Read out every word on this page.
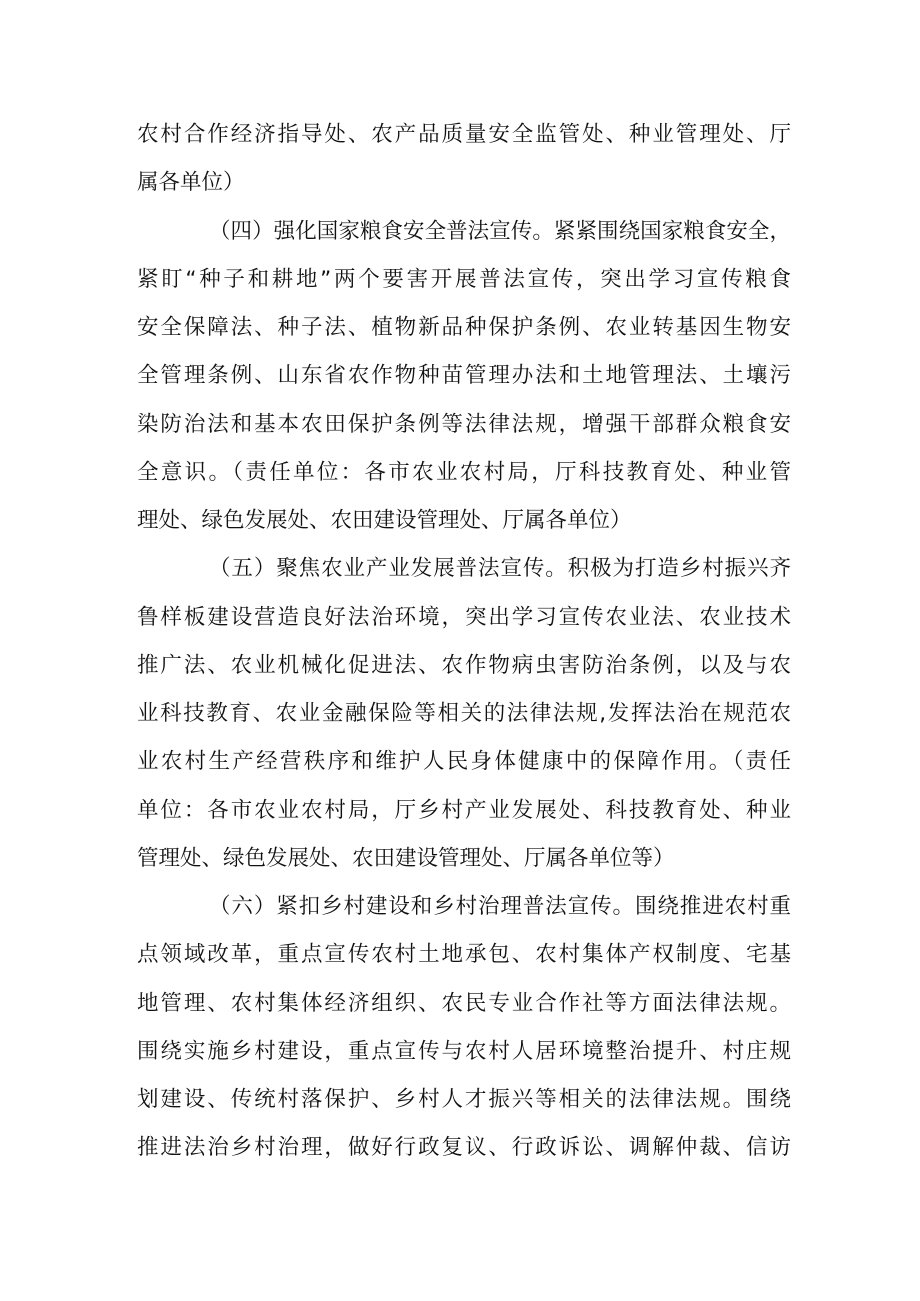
农村合作经济指导处、农产品质量安全监管处、种业管理处、厅
属各单位）
（四）强化国家粮食安全普法宣传。紧紧围绕国家粮食安全，
紧盯“种子和耕地”两个要害开展普法宣传，突出学习宣传粮食
安全保障法、种子法、植物新品种保护条例、农业转基因生物安
全管理条例、山东省农作物种苗管理办法和土地管理法、土壤污
染防治法和基本农田保护条例等法律法规，增强干部群众粮食安
全意识。（责任单位：各市农业农村局，厅科技教育处、种业管
理处、绿色发展处、农田建设管理处、厅属各单位）
（五）聚焦农业产业发展普法宣传。积极为打造乡村振兴齐
鲁样板建设营造良好法治环境，突出学习宣传农业法、农业技术
推广法、农业机械化促进法、农作物病虫害防治条例，以及与农
业科技教育、农业金融保险等相关的法律法规,发挥法治在规范农
业农村生产经营秩序和维护人民身体健康中的保障作用。（责任
单位：各市农业农村局，厅乡村产业发展处、科技教育处、种业
管理处、绿色发展处、农田建设管理处、厅属各单位等）
（六）紧扣乡村建设和乡村治理普法宣传。围绕推进农村重
点领域改革，重点宣传农村土地承包、农村集体产权制度、宅基
地管理、农村集体经济组织、农民专业合作社等方面法律法规。
围绕实施乡村建设，重点宣传与农村人居环境整治提升、村庄规
划建设、传统村落保护、乡村人才振兴等相关的法律法规。围绕
推进法治乡村治理，做好行政复议、行政诉讼、调解仲裁、信访
